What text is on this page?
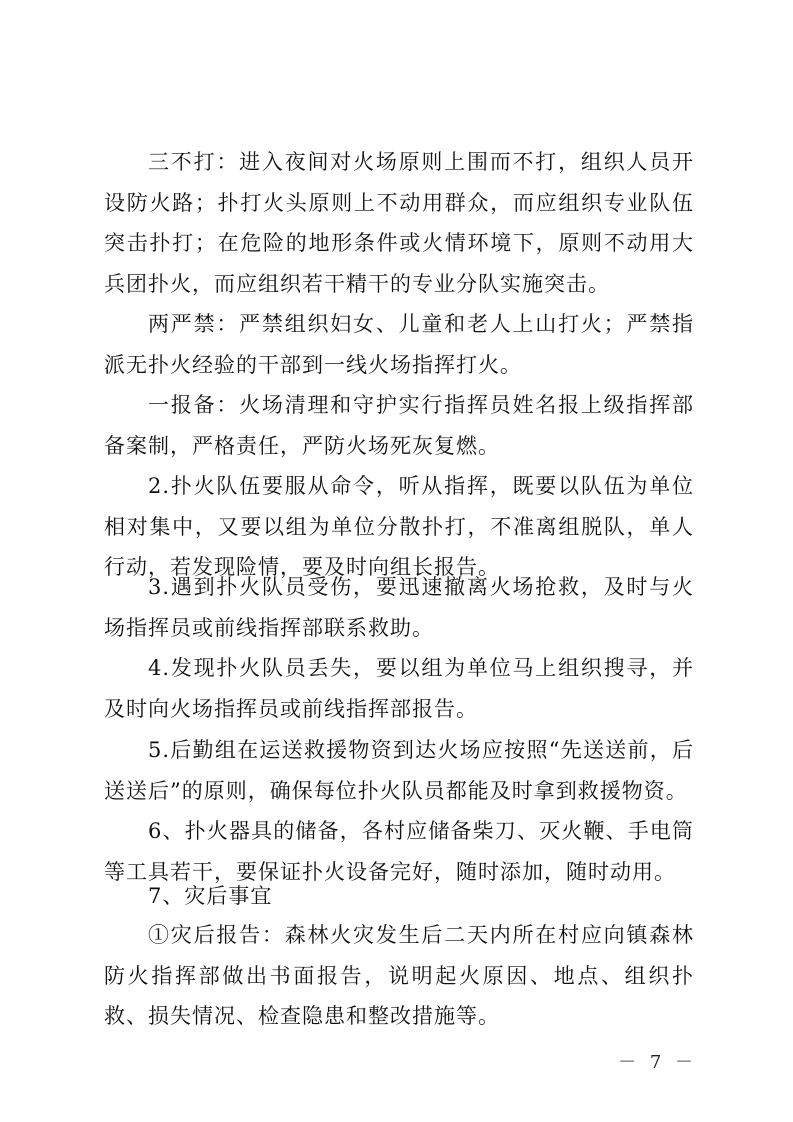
三不打：进入夜间对火场原则上围而不打，组织人员开设防火路；扑打火头原则上不动用群众，而应组织专业队伍突击扑打；在危险的地形条件或火情环境下，原则不动用大兵团扑火，而应组织若干精干的专业分队实施突击。

两严禁：严禁组织妇女、儿童和老人上山打火；严禁指派无扑火经验的干部到一线火场指挥打火。

一报备：火场清理和守护实行指挥员姓名报上级指挥部备案制，严格责任，严防火场死灰复燃。

2.扑火队伍要服从命令，听从指挥，既要以队伍为单位相对集中，又要以组为单位分散扑打，不准离组脱队，单人行动，若发现险情，要及时向组长报告。

3.遇到扑火队员受伤，要迅速撤离火场抢救，及时与火场指挥员或前线指挥部联系救助。

4.发现扑火队员丢失，要以组为单位马上组织搜寻，并及时向火场指挥员或前线指挥部报告。

5.后勤组在运送救援物资到达火场应按照“先送送前，后送送后”的原则，确保每位扑火队员都能及时拿到救援物资。

6、扑火器具的储备，各村应储备柴刀、灭火鞭、手电筒等工具若干，要保证扑火设备完好，随时添加，随时动用。

7、灾后事宜

①灾后报告：森林火灾发生后二天内所在村应向镇森林防火指挥部做出书面报告，说明起火原因、地点、组织扑救、损失情况、检查隐患和整改措施等。

－ 7 －
